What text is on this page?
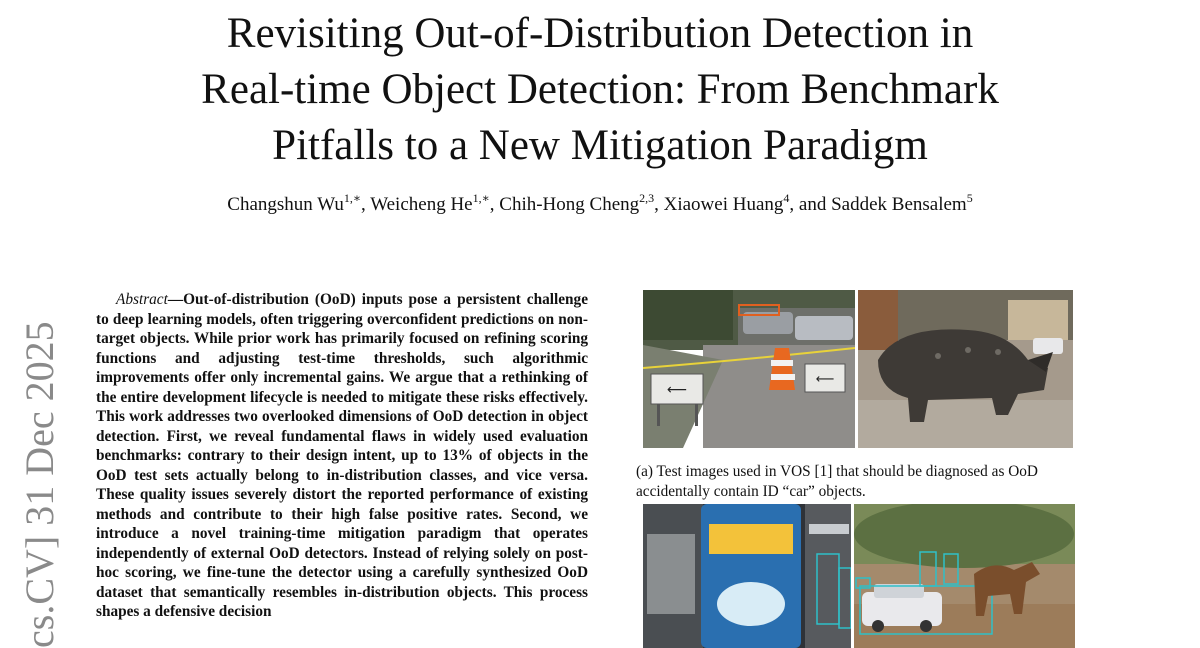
Revisiting Out-of-Distribution Detection in
Real-time Object Detection: From Benchmark
Pitfalls to a New Mitigation Paradigm
Changshun $Wu^{1,∗}$, Weicheng $He^{1,∗}$, Chih-Hong Cheng$^{2,3}$, Xiaowei Huang$^4$, and Saddek Bensalem$^5$
cs.CV] 31 Dec 2025

Abstract—Out-of-distribution (OoD) inputs pose a persistent challenge to deep learning models, often triggering overconfident predictions on non-target objects. While prior work has primarily focused on refining scoring functions and adjusting test-time thresholds, such algorithmic improvements offer only incremental gains. We argue that a rethinking of the entire development lifecycle is needed to mitigate these risks effectively. This work addresses two overlooked dimensions of OoD detection in object detection. First, we reveal fundamental flaws in widely used evaluation benchmarks: contrary to their design intent, up to 13% of objects in the OoD test sets actually belong to in-distribution classes, and vice versa. These quality issues severely distort the reported performance of existing methods and contribute to their high false positive rates. Second, we introduce a novel training-time mitigation paradigm that operates independently of external OoD detectors. Instead of relying solely on post-hoc scoring, we fine-tune the detector using a carefully synthesized OoD dataset that semantically resembles in-distribution objects. This process shapes a defensive decision

⟵
⟵
(a) Test images used in VOS [1] that should be diagnosed as OoD accidentally contain ID “car” objects.
